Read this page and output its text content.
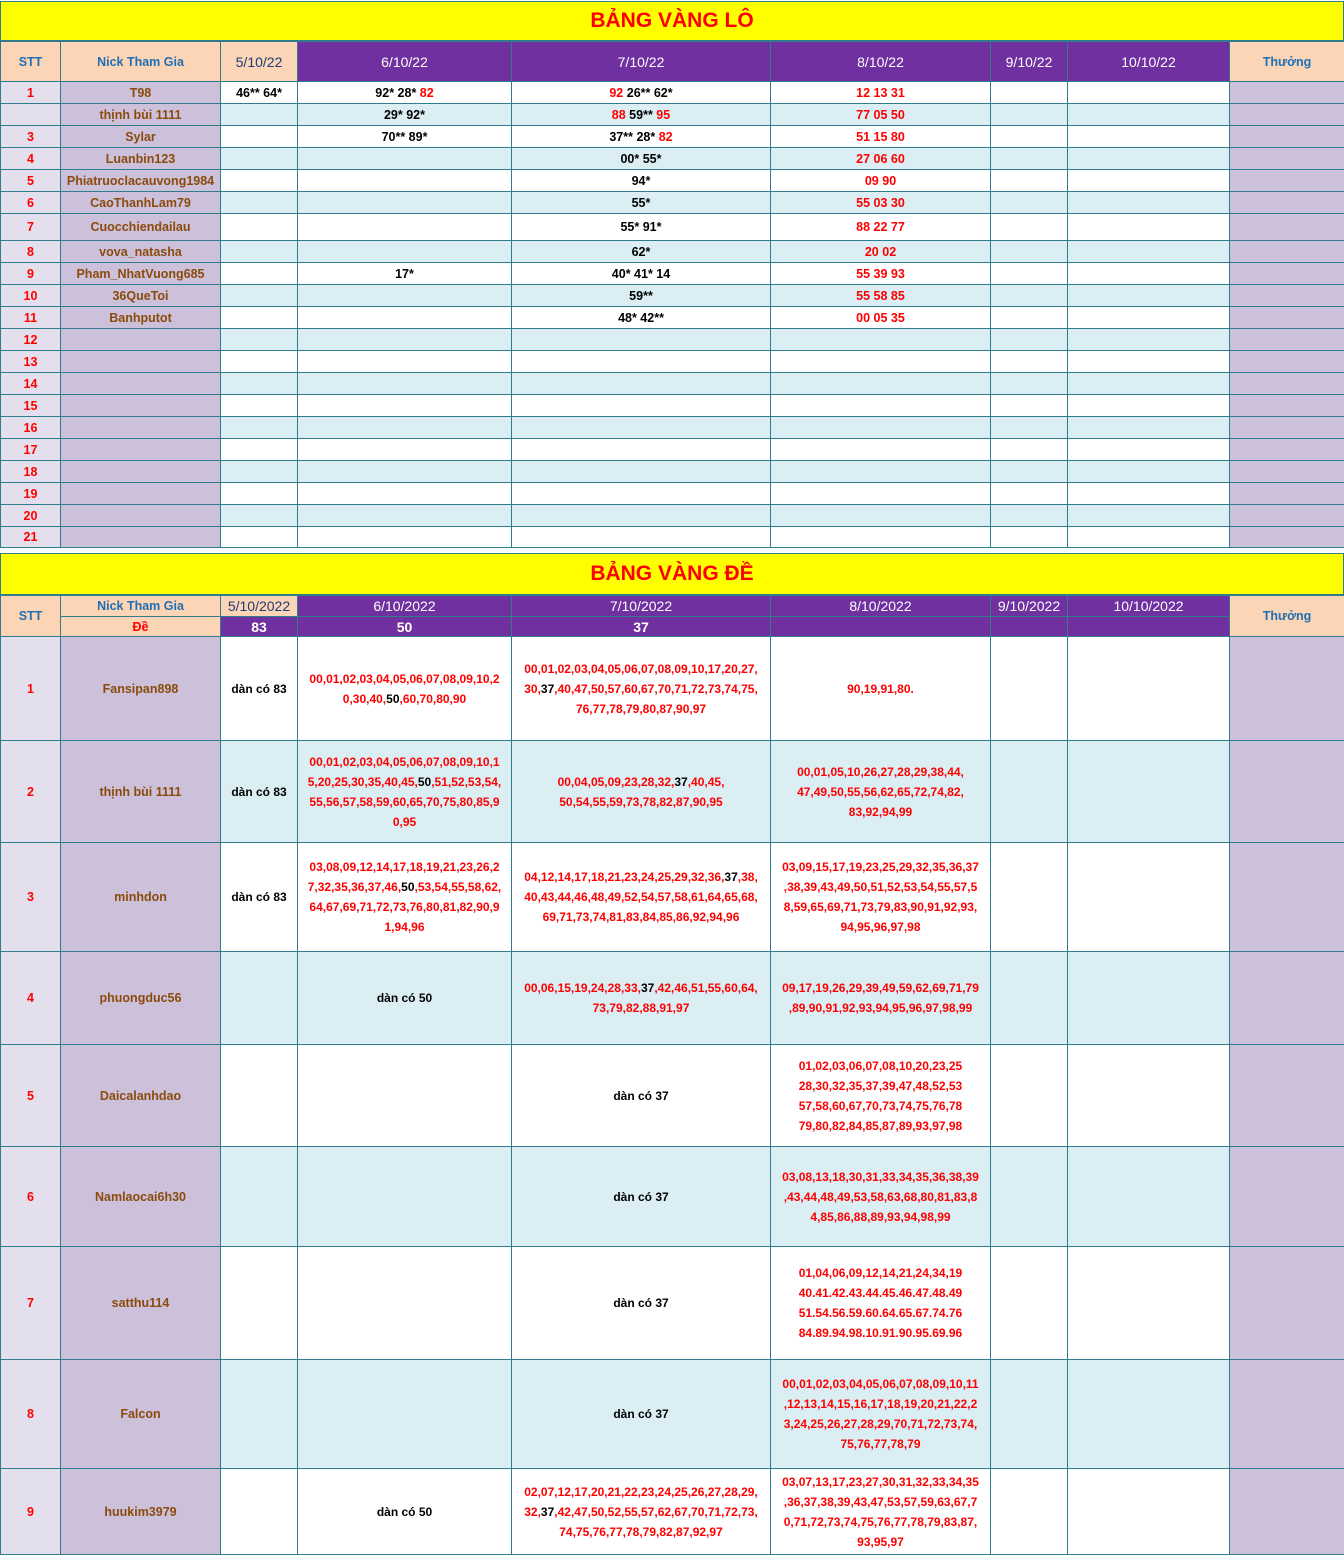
BẢNG VÀNG LÔ
STT	Nick Tham Gia	5/10/22	6/10/22	7/10/22	8/10/22	9/10/22	10/10/22	Thưởng
1	T98	46** 64*	92* 28* 82	92 26** 62*	12 13 31			
	thịnh bùi 1111		29* 92*	88 59** 95	77 05 50			
3	Sylar		70** 89*	37** 28* 82	51 15 80			
4	Luanbin123			00* 55*	27 06 60			
5	Phiatruoclacauvong1984			94*	09 90			
6	CaoThanhLam79			55*	55 03 30			
7	Cuocchiendailau			55* 91*	88 22 77			
8	vova_natasha			62*	20 02			
9	Pham_NhatVuong685		17*	40* 41* 14	55 39 93			
10	36QueToi			59**	55 58 85			
11	Banhputot			48* 42**	00 05 35			
12								
13								
14								
15								
16								
17								
18								
19								
20								
21								
BẢNG VÀNG ĐỀ
STT	Nick Tham Gia	5/10/2022	6/10/2022	7/10/2022	8/10/2022	9/10/2022	10/10/2022	Thưởng
	Đề	83	50	37				
1	Fansipan898	dàn có 83	00,01,02,03,04,05,06,07,08,09,10,2 0,30,40,50,60,70,80,90	00,01,02,03,04,05,06,07,08,09,10,17,20,27, 30,37,40,47,50,57,60,67,70,71,72,73,74,75, 76,77,78,79,80,87,90,97	90,19,91,80.			
2	thịnh bùi 1111	dàn có 83	00,01,02,03,04,05,06,07,08,09,10,1 5,20,25,30,35,40,45,50,51,52,53,54, 55,56,57,58,59,60,65,70,75,80,85,9 0,95	00,04,05,09,23,28,32,37,40,45, 50,54,55,59,73,78,82,87,90,95	00,01,05,10,26,27,28,29,38,44, 47,49,50,55,56,62,65,72,74,82, 83,92,94,99			
3	minhdon	dàn có 83	03,08,09,12,14,17,18,19,21,23,26,2 7,32,35,36,37,46,50,53,54,55,58,62, 64,67,69,71,72,73,76,80,81,82,90,9 1,94,96	04,12,14,17,18,21,23,24,25,29,32,36,37,38, 40,43,44,46,48,49,52,54,57,58,61,64,65,68, 69,71,73,74,81,83,84,85,86,92,94,96	03,09,15,17,19,23,25,29,32,35,36,37 ,38,39,43,49,50,51,52,53,54,55,57,5 8,59,65,69,71,73,79,83,90,91,92,93, 94,95,96,97,98			
4	phuongduc56		dàn có 50	00,06,15,19,24,28,33,37,42,46,51,55,60,64, 73,79,82,88,91,97	09,17,19,26,29,39,49,59,62,69,71,79 ,89,90,91,92,93,94,95,96,97,98,99			
5	Daicalanhdao			dàn có 37	01,02,03,06,07,08,10,20,23,25 28,30,32,35,37,39,47,48,52,53 57,58,60,67,70,73,74,75,76,78 79,80,82,84,85,87,89,93,97,98			
6	Namlaocai6h30			dàn có 37	03,08,13,18,30,31,33,34,35,36,38,39 ,43,44,48,49,53,58,63,68,80,81,83,8 4,85,86,88,89,93,94,98,99			
7	satthu114			dàn có 37	01,04,06,09,12,14,21,24,34,19 40.41.42.43.44.45.46.47.48.49 51.54.56.59.60.64.65.67.74.76 84.89.94.98.10.91.90.95.69.96			
8	Falcon			dàn có 37	00,01,02,03,04,05,06,07,08,09,10,11 ,12,13,14,15,16,17,18,19,20,21,22,2 3,24,25,26,27,28,29,70,71,72,73,74, 75,76,77,78,79			
9	huukim3979		dàn có 50	02,07,12,17,20,21,22,23,24,25,26,27,28,29, 32,37,42,47,50,52,55,57,62,67,70,71,72,73, 74,75,76,77,78,79,82,87,92,97	03,07,13,17,23,27,30,31,32,33,34,35 ,36,37,38,39,43,47,53,57,59,63,67,7 0,71,72,73,74,75,76,77,78,79,83,87, 93,95,97			
